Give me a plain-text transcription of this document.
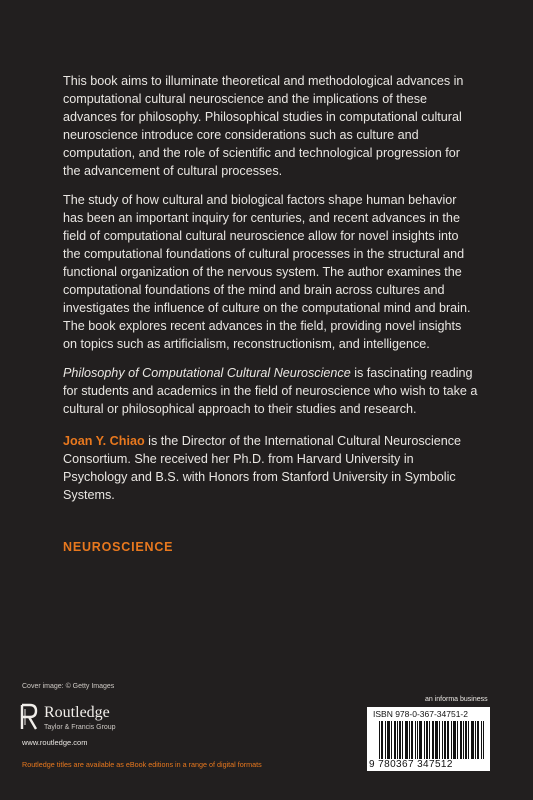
This book aims to illuminate theoretical and methodological advances in computational cultural neuroscience and the implications of these advances for philosophy. Philosophical studies in computational cultural neuroscience introduce core considerations such as culture and computation, and the role of scientific and technological progression for the advancement of cultural processes.

The study of how cultural and biological factors shape human behavior has been an important inquiry for centuries, and recent advances in the field of computational cultural neuroscience allow for novel insights into the computational foundations of cultural processes in the structural and functional organization of the nervous system. The author examines the computational foundations of the mind and brain across cultures and investigates the influence of culture on the computational mind and brain. The book explores recent advances in the field, providing novel insights on topics such as artificialism, reconstructionism, and intelligence.

Philosophy of Computational Cultural Neuroscience is fascinating reading for students and academics in the field of neuroscience who wish to take a cultural or philosophical approach to their studies and research.

Joan Y. Chiao is the Director of the International Cultural Neuroscience Consortium. She received her Ph.D. from Harvard University in Psychology and B.S. with Honors from Stanford University in Symbolic Systems.

NEUROSCIENCE
Cover image: © Getty Images
Routledge
Taylor & Francis Group
www.routledge.com
Routledge titles are available as eBook editions in a range of digital formats
an informa business
ISBN 978-0-367-34751-2
9 780367 347512
